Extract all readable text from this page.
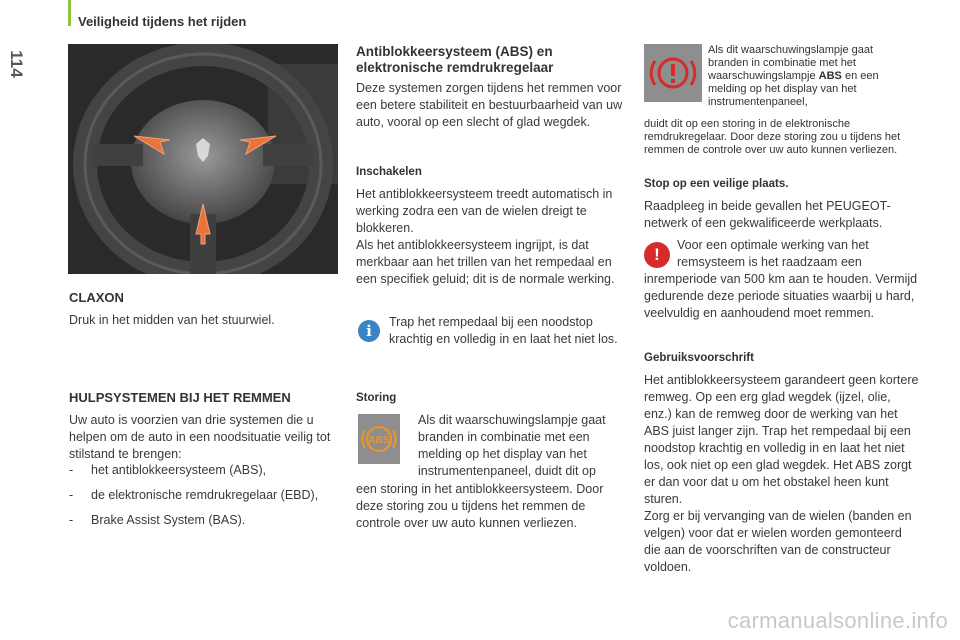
Veiligheid tijdens het rijden
114
CLAXON

Druk in het midden van het stuurwiel.

HULPSYSTEMEN BIJ HET REMMEN

Uw auto is voorzien van drie systemen die u helpen om de auto in een noodsituatie veilig tot stilstand te brengen:

- het antiblokkeersysteem (ABS),
- de elektronische remdrukregelaar (EBD),
- Brake Assist System (BAS).
Antiblokkeersysteem (ABS) en elektronische remdrukregelaar

Deze systemen zorgen tijdens het remmen voor een betere stabiliteit en bestuurbaarheid van uw auto, vooral op een slecht of glad wegdek.

Inschakelen

Het antiblokkeersysteem treedt automatisch in werking zodra een van de wielen dreigt te blokkeren.

Als het antiblokkeersysteem ingrijpt, is dat merkbaar aan het trillen van het rempedaal en een specifiek geluid; dit is de normale werking.

i	Trap het rempedaal bij een noodstop krachtig en volledig in en laat het niet los.

Storing
ABS

Als dit waarschuwingslampje gaat branden in combinatie met een melding op het display van het instrumentenpaneel, duidt dit op

een storing in het antiblokkeersysteem. Door deze storing zou u tijdens het remmen de controle over uw auto kunnen verliezen.

Als dit waarschuwingslampje gaat branden in combinatie met het waarschuwingslampje ABS en een melding op het display van het instrumentenpaneel,

duidt dit op een storing in de elektronische remdrukregelaar. Door deze storing zou u tijdens het remmen de controle over uw auto kunnen verliezen.

Stop op een veilige plaats.

Raadpleeg in beide gevallen het PEUGEOT-netwerk of een gekwalificeerde werkplaats.

!	Voor een optimale werking van het remsysteem is het raadzaam een

inremperiode van 500 km aan te houden. Vermijd gedurende deze periode situaties waarbij u hard, veelvuldig en aanhoudend moet remmen.

Gebruiksvoorschrift

Het antiblokkeersysteem garandeert geen kortere remweg. Op een erg glad wegdek (ijzel, olie, enz.) kan de remweg door de werking van het ABS juist langer zijn. Trap het rempedaal bij een noodstop krachtig en volledig in en laat het niet los, ook niet op een glad wegdek. Het ABS zorgt er dan voor dat u om het obstakel heen kunt sturen.

Zorg er bij vervanging van de wielen (banden en velgen) voor dat er wielen worden gemonteerd die aan de voorschriften van de constructeur voldoen.

carmanualsonline.info
